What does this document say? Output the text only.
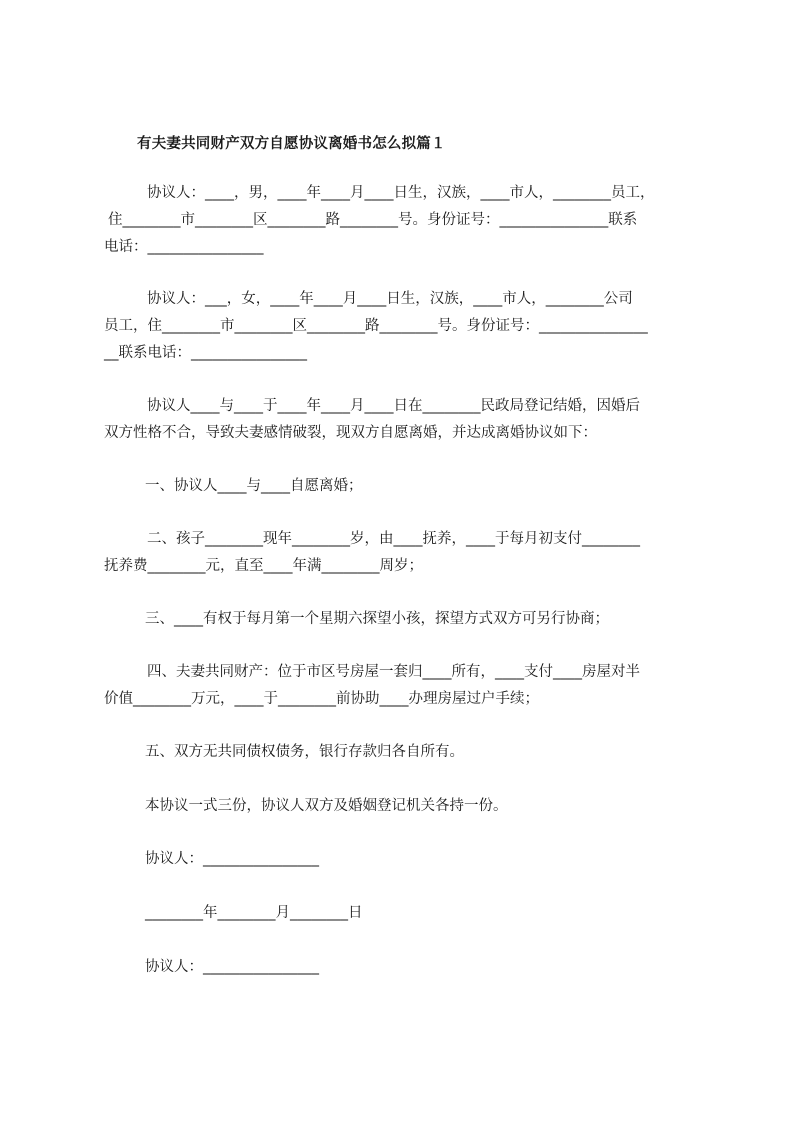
有夫妻共同财产双方自愿协议离婚书怎么拟篇１
协议人：____，男，____年____月____日生，汉族，____市人，________员工，
住________市________区________路________号。身份证号：_______________联系
电话：________________
协议人：___，女，____年____月____日生，汉族，____市人，________公司
员工，住________市________区________路________号。身份证号：_______________
__联系电话：________________
协议人____与____于____年____月____日在________民政局登记结婚，因婚后
双方性格不合，导致夫妻感情破裂，现双方自愿离婚，并达成离婚协议如下：
一、协议人____与____自愿离婚；
二、孩子________现年________岁，由____抚养，____于每月初支付________
抚养费________元，直至____年满________周岁；
三、____有权于每月第一个星期六探望小孩，探望方式双方可另行协商；
四、夫妻共同财产：位于市区号房屋一套归____所有，____支付____房屋对半
价值________万元，____于________前协助____办理房屋过户手续；
五、双方无共同债权债务，银行存款归各自所有。
本协议一式三份，协议人双方及婚姻登记机关各持一份。
协议人：________________
________年________月________日
协议人：________________
